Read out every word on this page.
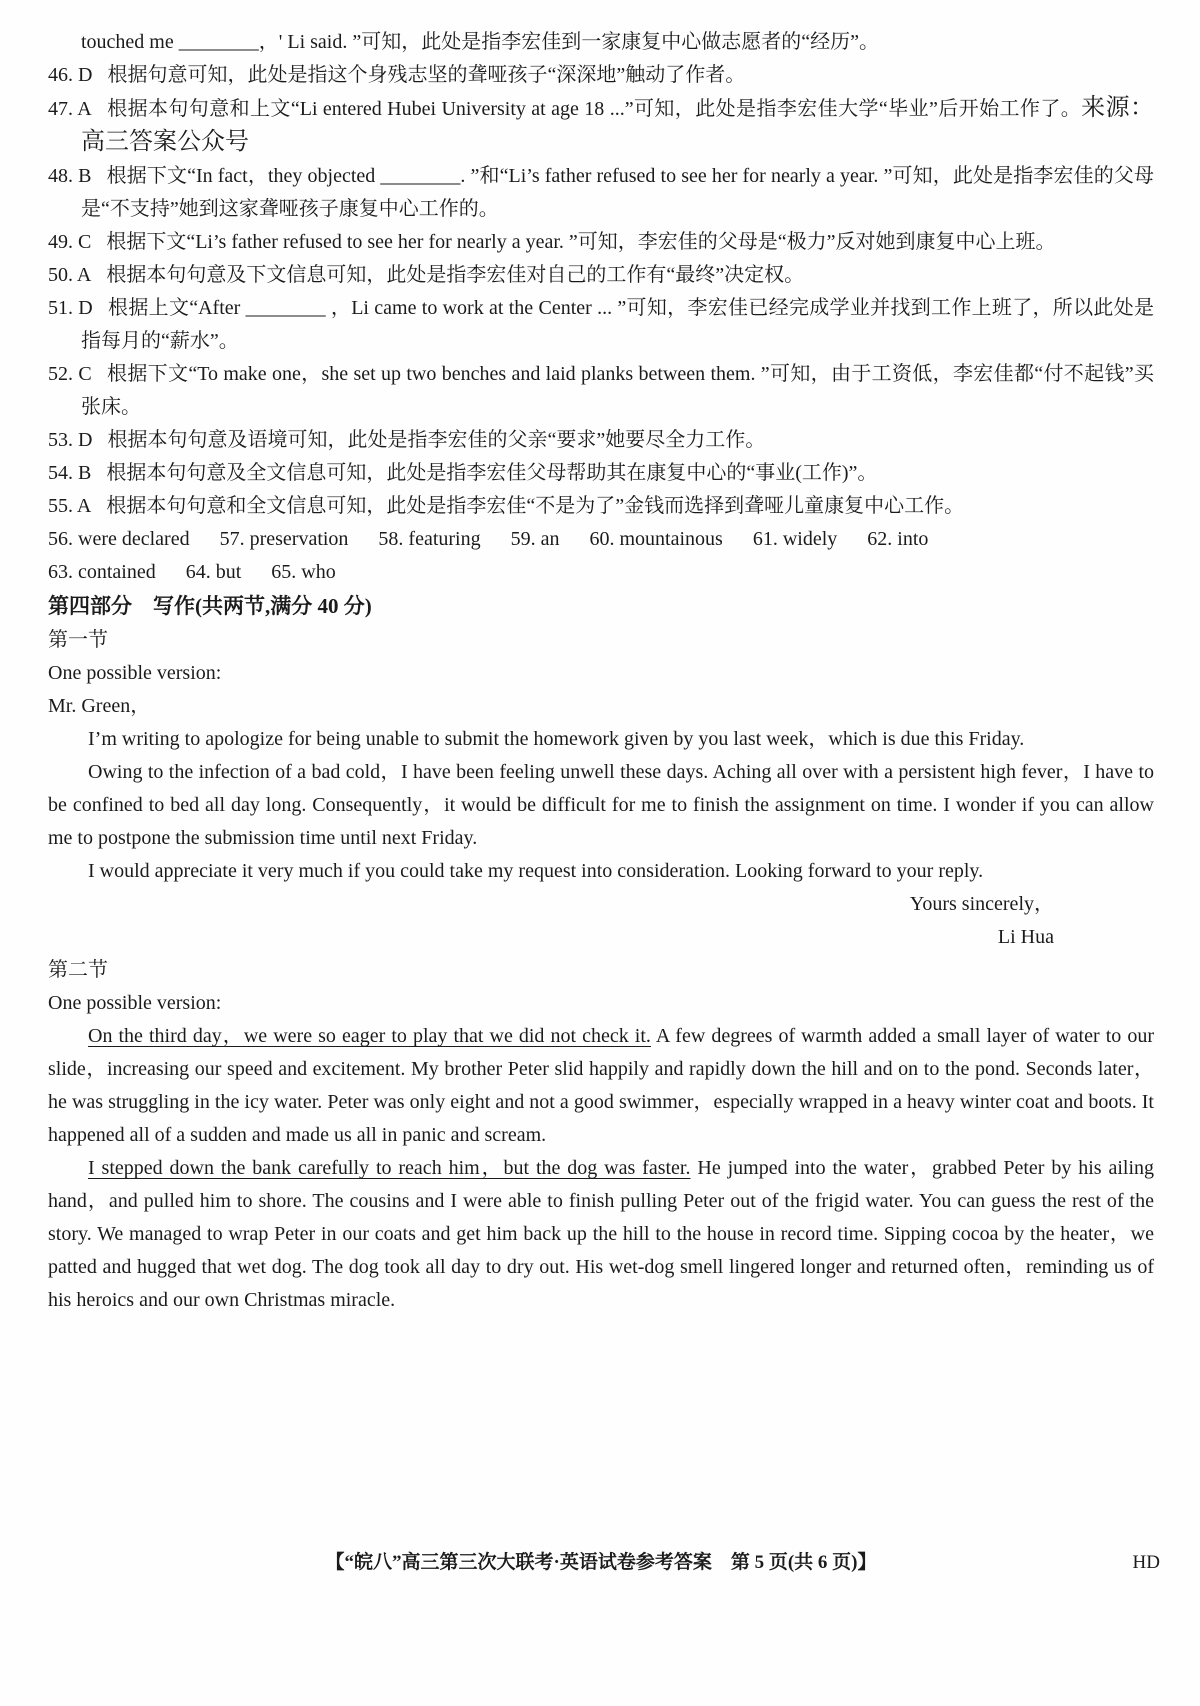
touched me ________，' Li said. ”可知，此处是指李宏佳到一家康复中心做志愿者的“经历”。
46. D 根据句意可知，此处是指这个身残志坚的聋哑孩子“深深地”触动了作者。
47. A 根据本句句意和上文“Li entered Hubei University at age 18 ...”可知，此处是指李宏佳大学“毕业”后开始工作了。来源：高三答案公众号
48. B 根据下文“In fact，they objected ________. ”和“Li’s father refused to see her for nearly a year. ”可知，此处是指李宏佳的父母是“不支持”她到这家聋哑孩子康复中心工作的。
49. C 根据下文“Li’s father refused to see her for nearly a year. ”可知，李宏佳的父母是“极力”反对她到康复中心上班。
50. A 根据本句句意及下文信息可知，此处是指李宏佳对自己的工作有“最终”决定权。
51. D 根据上文“After ________ ，Li came to work at the Center ... ”可知，李宏佳已经完成学业并找到工作上班了，所以此处是指每月的“薪水”。
52. C 根据下文“To make one，she set up two benches and laid planks between them. ”可知，由于工资低，李宏佳都“付不起钱”买张床。
53. D 根据本句句意及语境可知，此处是指李宏佳的父亲“要求”她要尽全力工作。
54. B 根据本句句意及全文信息可知，此处是指李宏佳父母帮助其在康复中心的“事业(工作)”。
55. A 根据本句句意和全文信息可知，此处是指李宏佳“不是为了”金钱而选择到聋哑儿童康复中心工作。
56. were declared  57. preservation  58. featuring  59. an  60. mountainous  61. widely  62. into
63. contained  64. but  65. who
第四部分　写作(共两节,满分 40 分)
第一节
One possible version:
Mr. Green，

I’m writing to apologize for being unable to submit the homework given by you last week，which is due this Friday.

Owing to the infection of a bad cold，I have been feeling unwell these days. Aching all over with a persistent high fever，I have to be confined to bed all day long. Consequently，it would be difficult for me to finish the assignment on time. I wonder if you can allow me to postpone the submission time until next Friday.

I would appreciate it very much if you could take my request into consideration. Looking forward to your reply.

Yours sincerely，
Li Hua
第二节
One possible version:

On the third day，we were so eager to play that we did not check it. A few degrees of warmth added a small layer of water to our slide，increasing our speed and excitement. My brother Peter slid happily and rapidly down the hill and on to the pond. Seconds later，he was struggling in the icy water. Peter was only eight and not a good swimmer，especially wrapped in a heavy winter coat and boots. It happened all of a sudden and made us all in panic and scream.

I stepped down the bank carefully to reach him，but the dog was faster. He jumped into the water，grabbed Peter by his ailing hand，and pulled him to shore. The cousins and I were able to finish pulling Peter out of the frigid water. You can guess the rest of the story. We managed to wrap Peter in our coats and get him back up the hill to the house in record time. Sipping cocoa by the heater，we patted and hugged that wet dog. The dog took all day to dry out. His wet-dog smell lingered longer and returned often，reminding us of his heroics and our own Christmas miracle.

【“皖八”高三第三次大联考·英语试卷参考答案 第 5 页(共 6 页)】	HD
